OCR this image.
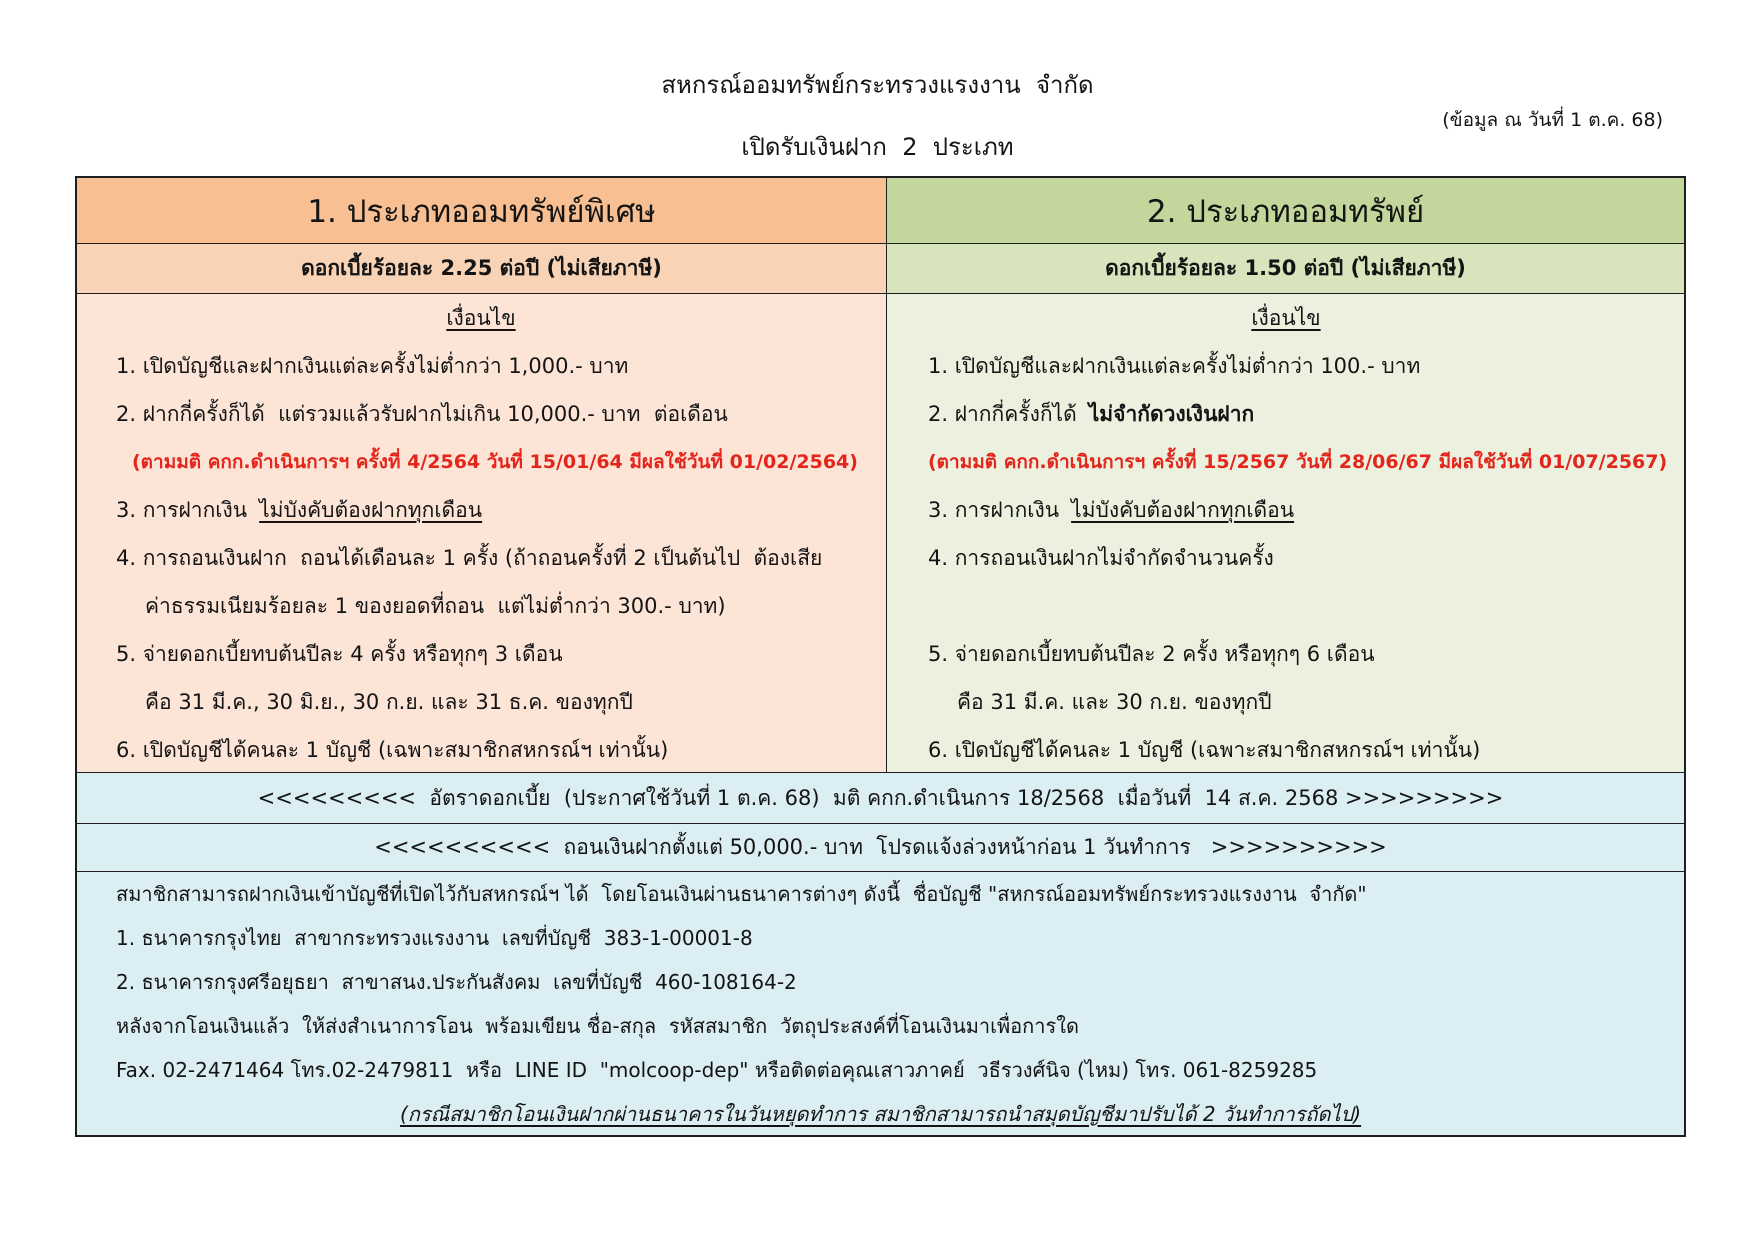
สหกรณ์ออมทรัพย์กระทรวงแรงงาน  จำกัด
(ข้อมูล ณ วันที่ 1 ต.ค. 68)
เปิดรับเงินฝาก  2  ประเภท
1. ประเภทออมทรัพย์พิเศษ	2. ประเภทออมทรัพย์
ดอกเบี้ยร้อยละ 2.25 ต่อปี (ไม่เสียภาษี)	ดอกเบี้ยร้อยละ 1.50 ต่อปี (ไม่เสียภาษี)
เงื่อนไข
1. เปิดบัญชีและฝากเงินแต่ละครั้งไม่ต่ำกว่า 1,000.- บาท
2. ฝากกี่ครั้งก็ได้  แต่รวมแล้วรับฝากไม่เกิน 10,000.- บาท  ต่อเดือน
(ตามมติ คกก.ดำเนินการฯ ครั้งที่ 4/2564 วันที่ 15/01/64 มีผลใช้วันที่ 01/02/2564)
3. การฝากเงิน ไม่บังคับต้องฝากทุกเดือน
4. การถอนเงินฝาก  ถอนได้เดือนละ 1 ครั้ง (ถ้าถอนครั้งที่ 2 เป็นต้นไป  ต้องเสีย
ค่าธรรมเนียมร้อยละ 1 ของยอดที่ถอน  แต่ไม่ต่ำกว่า 300.- บาท)
5. จ่ายดอกเบี้ยทบต้นปีละ 4 ครั้ง หรือทุกๆ 3 เดือน
คือ 31 มี.ค., 30 มิ.ย., 30 ก.ย. และ 31 ธ.ค. ของทุกปี
6. เปิดบัญชีได้คนละ 1 บัญชี (เฉพาะสมาชิกสหกรณ์ฯ เท่านั้น)
เงื่อนไข
1. เปิดบัญชีและฝากเงินแต่ละครั้งไม่ต่ำกว่า 100.- บาท
2. ฝากกี่ครั้งก็ได้ ไม่จำกัดวงเงินฝาก
(ตามมติ คกก.ดำเนินการฯ ครั้งที่ 15/2567 วันที่ 28/06/67 มีผลใช้วันที่ 01/07/2567)
3. การฝากเงิน ไม่บังคับต้องฝากทุกเดือน
4. การถอนเงินฝากไม่จำกัดจำนวนครั้ง
5. จ่ายดอกเบี้ยทบต้นปีละ 2 ครั้ง หรือทุกๆ 6 เดือน
คือ 31 มี.ค. และ 30 ก.ย. ของทุกปี
6. เปิดบัญชีได้คนละ 1 บัญชี (เฉพาะสมาชิกสหกรณ์ฯ เท่านั้น)
<<<<<<<<<  อัตราดอกเบี้ย  (ประกาศใช้วันที่ 1 ต.ค. 68)  มติ คกก.ดำเนินการ 18/2568  เมื่อวันที่  14 ส.ค. 2568 >>>>>>>>>
<<<<<<<<<<  ถอนเงินฝากตั้งแต่ 50,000.- บาท  โปรดแจ้งล่วงหน้าก่อน 1 วันทำการ   >>>>>>>>>>
สมาชิกสามารถฝากเงินเข้าบัญชีที่เปิดไว้กับสหกรณ์ฯ ได้  โดยโอนเงินผ่านธนาคารต่างๆ ดังนี้  ชื่อบัญชี "สหกรณ์ออมทรัพย์กระทรวงแรงงาน  จำกัด"
1. ธนาคารกรุงไทย  สาขากระทรวงแรงงาน  เลขที่บัญชี  383-1-00001-8
2. ธนาคารกรุงศรีอยุธยา  สาขาสนง.ประกันสังคม  เลขที่บัญชี  460-108164-2
หลังจากโอนเงินแล้ว  ให้ส่งสำเนาการโอน  พร้อมเขียน ชื่อ-สกุล  รหัสสมาชิก  วัตถุประสงค์ที่โอนเงินมาเพื่อการใด
Fax. 02-2471464 โทร.02-2479811  หรือ  LINE ID  "molcoop-dep" หรือติดต่อคุณเสาวภาคย์  วธีรวงศ์นิจ (ไหม) โทร. 061-8259285
(กรณีสมาชิกโอนเงินฝากผ่านธนาคารในวันหยุดทำการ สมาชิกสามารถนำสมุดบัญชีมาปรับได้ 2 วันทำการถัดไป)
